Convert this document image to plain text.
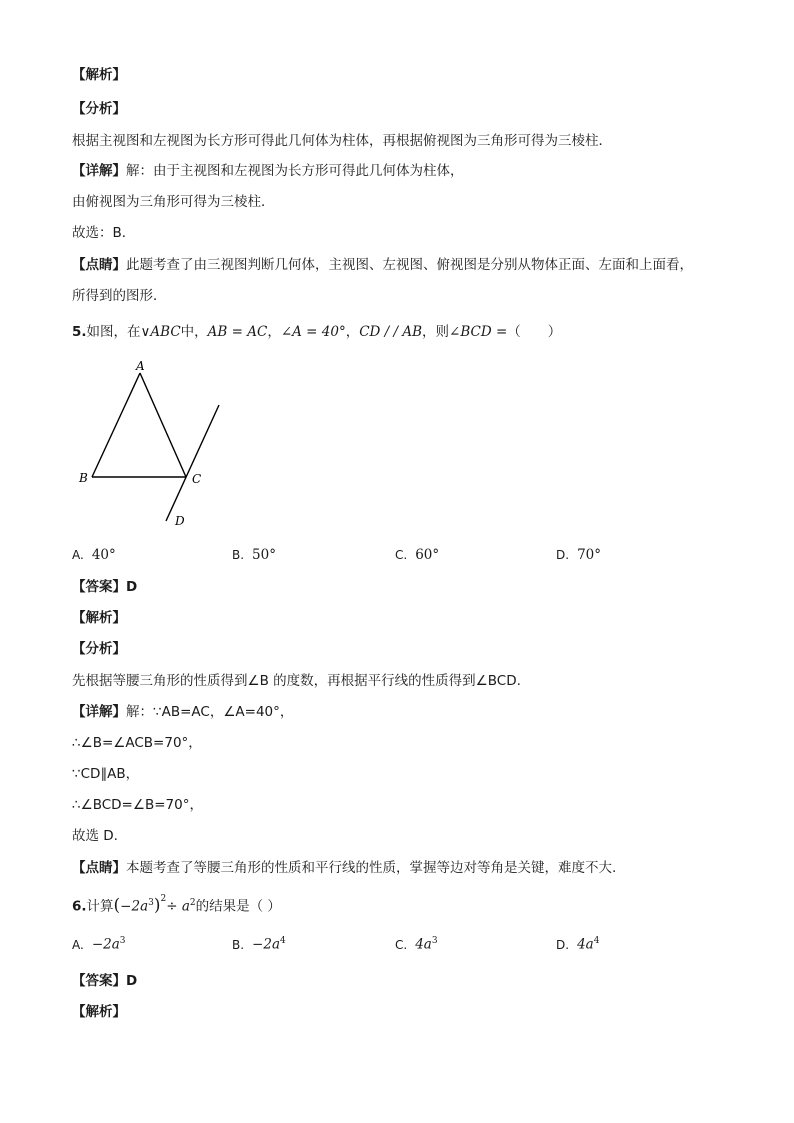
【解析】
【分析】
根据主视图和左视图为长方形可得此几何体为柱体，再根据俯视图为三角形可得为三棱柱．
【详解】解：由于主视图和左视图为长方形可得此几何体为柱体，
由俯视图为三角形可得为三棱柱．
故选：B．
【点睛】此题考查了由三视图判断几何体，主视图、左视图、俯视图是分别从物体正面、左面和上面看，
所得到的图形．
5.如图，在∨ABC中，AB = AC，∠A = 40°，CD / / AB，则∠BCD =（　　）
A
B	C
D
A. 40°	B. 50°	C. 60°	D. 70°
【答案】D
【解析】
【分析】
先根据等腰三角形的性质得到∠B 的度数，再根据平行线的性质得到∠BCD.
【详解】解：∵AB=AC，∠A=40°，
∴∠B=∠ACB=70°，
∵CD∥AB，
∴∠BCD=∠B=70°，
故选 D.
【点睛】本题考查了等腰三角形的性质和平行线的性质，掌握等边对等角是关键，难度不大.
6.计算$(-2a^3)^2\div a^2$的结果是（ ）
A. $-2a^3$	B. $-2a^4$	C. $4a^3$	D. $4a^4$
【答案】D
【解析】
